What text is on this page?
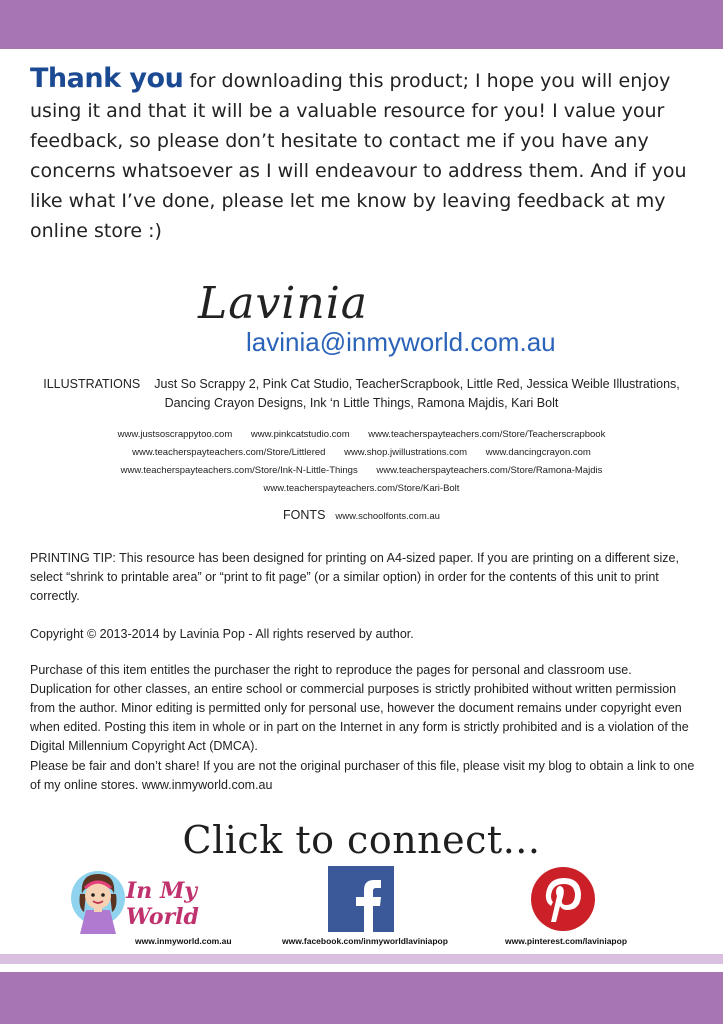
Thank you for downloading this product; I hope you will enjoy using it and that it will be a valuable resource for you! I value your feedback, so please don’t hesitate to contact me if you have any concerns whatsoever as I will endeavour to address them. And if you like what I’ve done, please let me know by leaving feedback at my online store :)
Lavinia
lavinia@inmyworld.com.au
ILLUSTRATIONS Just So Scrappy 2, Pink Cat Studio, TeacherScrapbook, Little Red, Jessica Weible Illustrations, Dancing Crayon Designs, Ink ‘n Little Things, Ramona Majdis, Kari Bolt
www.justsoscrappytoo.com www.pinkcatstudio.com www.teacherspayteachers.com/Store/Teacherscrapbook
www.teacherspayteachers.com/Store/Littlered www.shop.jwillustrations.com www.dancingcrayon.com
www.teacherspayteachers.com/Store/Ink-N-Little-Things www.teacherspayteachers.com/Store/Ramona-Majdis
www.teacherspayteachers.com/Store/Kari-Bolt
FONTS www.schoolfonts.com.au
PRINTING TIP: This resource has been designed for printing on A4-sized paper. If you are printing on a different size, select “shrink to printable area” or “print to fit page” (or a similar option) in order for the contents of this unit to print correctly.
Copyright © 2013-2014 by Lavinia Pop - All rights reserved by author.
Purchase of this item entitles the purchaser the right to reproduce the pages for personal and classroom use. Duplication for other classes, an entire school or commercial purposes is strictly prohibited without written permission from the author. Minor editing is permitted only for personal use, however the document remains under copyright even when edited. Posting this item in whole or in part on the Internet in any form is strictly prohibited and is a violation of the Digital Millennium Copyright Act (DMCA).
Please be fair and don’t share! If you are not the original purchaser of this file, please visit my blog to obtain a link to one of my online stores. www.inmyworld.com.au
Click to connect...
In My World
www.inmyworld.com.au	www.facebook.com/inmyworldlaviniapop	www.pinterest.com/laviniapop
